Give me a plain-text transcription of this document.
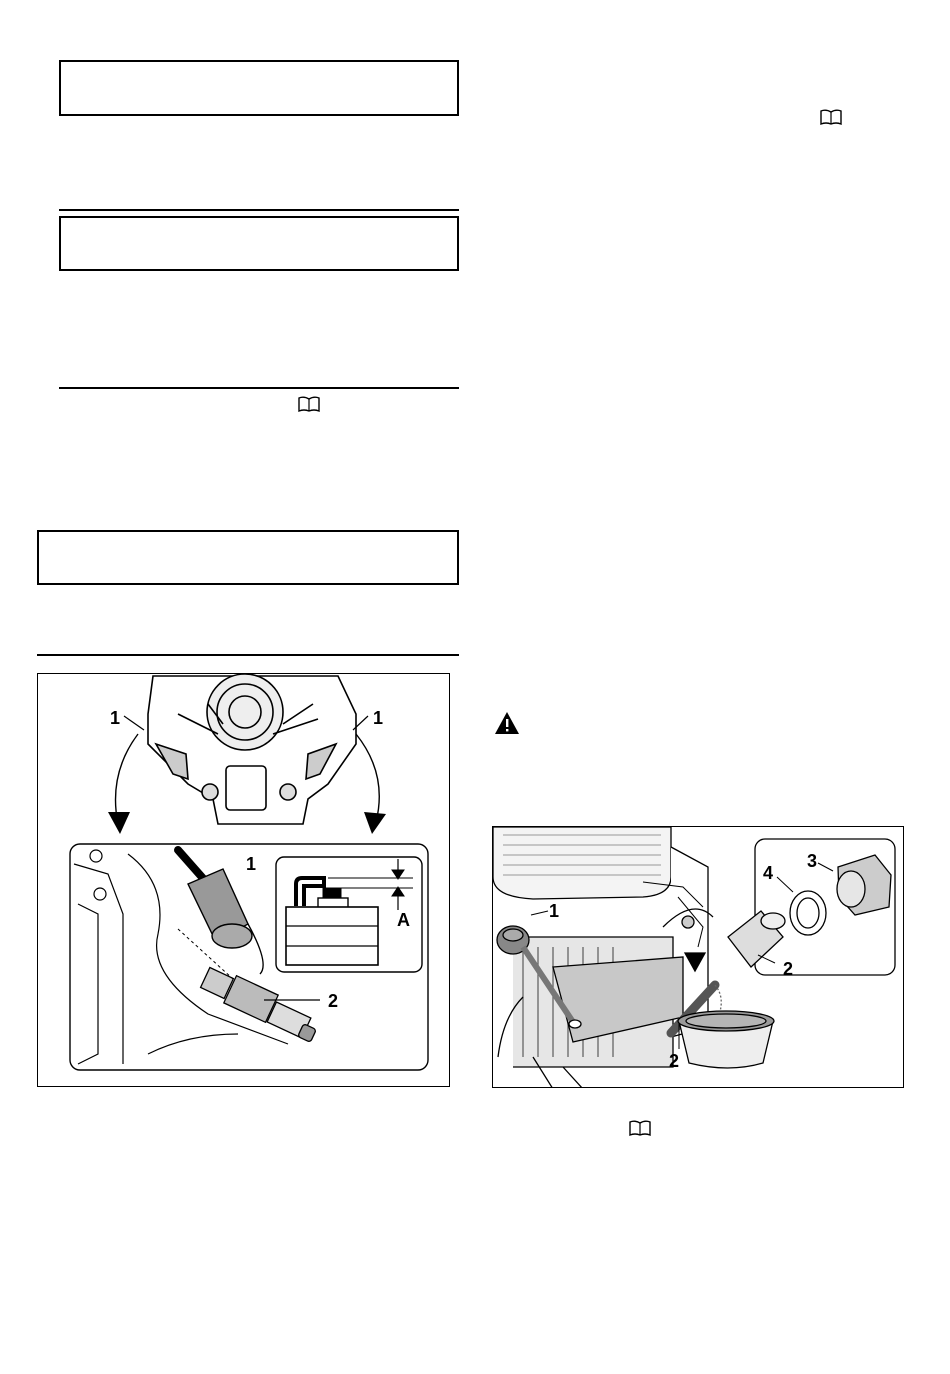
1	1
1
2
A	1
2
2
3
4
